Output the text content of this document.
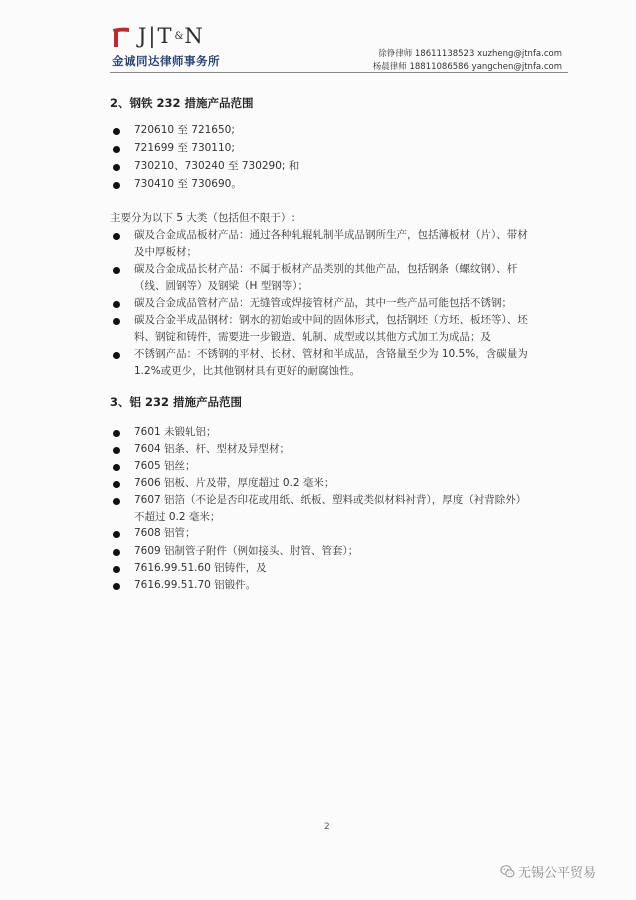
J|T&N
金诚同达律师事务所	徐铮律师 18611138523 xuzheng@jtnfa.com
杨晨律师 18811086586 yangchen@jtnfa.com
2、钢铁 232 措施产品范围
720610 至 721650;
721699 至 730110;
730210、730240 至 730290; 和
730410 至 730690。
主要分为以下 5 大类（包括但不限于）:
碳及合金成品板材产品：通过各种轧辊轧制半成品钢所生产，包括薄板材（片）、带材
及中厚板材；
碳及合金成品长材产品：不属于板材产品类别的其他产品，包括钢条（螺纹钢）、杆
（线、圆钢等）及钢梁（H 型钢等）；
碳及合金成品管材产品：无缝管或焊接管材产品，其中一些产品可能包括不锈钢；
碳及合金半成品钢材：钢水的初始或中间的固体形式，包括钢坯（方坯、板坯等）、坯
料、钢锭和铸件，需要进一步锻造、轧制、成型或以其他方式加工为成品；及
不锈钢产品：不锈钢的平材、长材、管材和半成品，含铬量至少为 10.5%，含碳量为
1.2%或更少，比其他钢材具有更好的耐腐蚀性。
3、铝 232 措施产品范围
7601 未锻轧铝；
7604 铝条、杆、型材及异型材；
7605 铝丝；
7606 铝板、片及带，厚度超过 0.2 毫米；
7607 铝箔（不论是否印花或用纸、纸板、塑料或类似材料衬背），厚度（衬背除外）
不超过 0.2 毫米；
7608 铝管；
7609 铝制管子附件（例如接头、肘管、管套）；
7616.99.51.60 铝铸件，及
7616.99.51.70 铝锻件。
2
无锡公平贸易
